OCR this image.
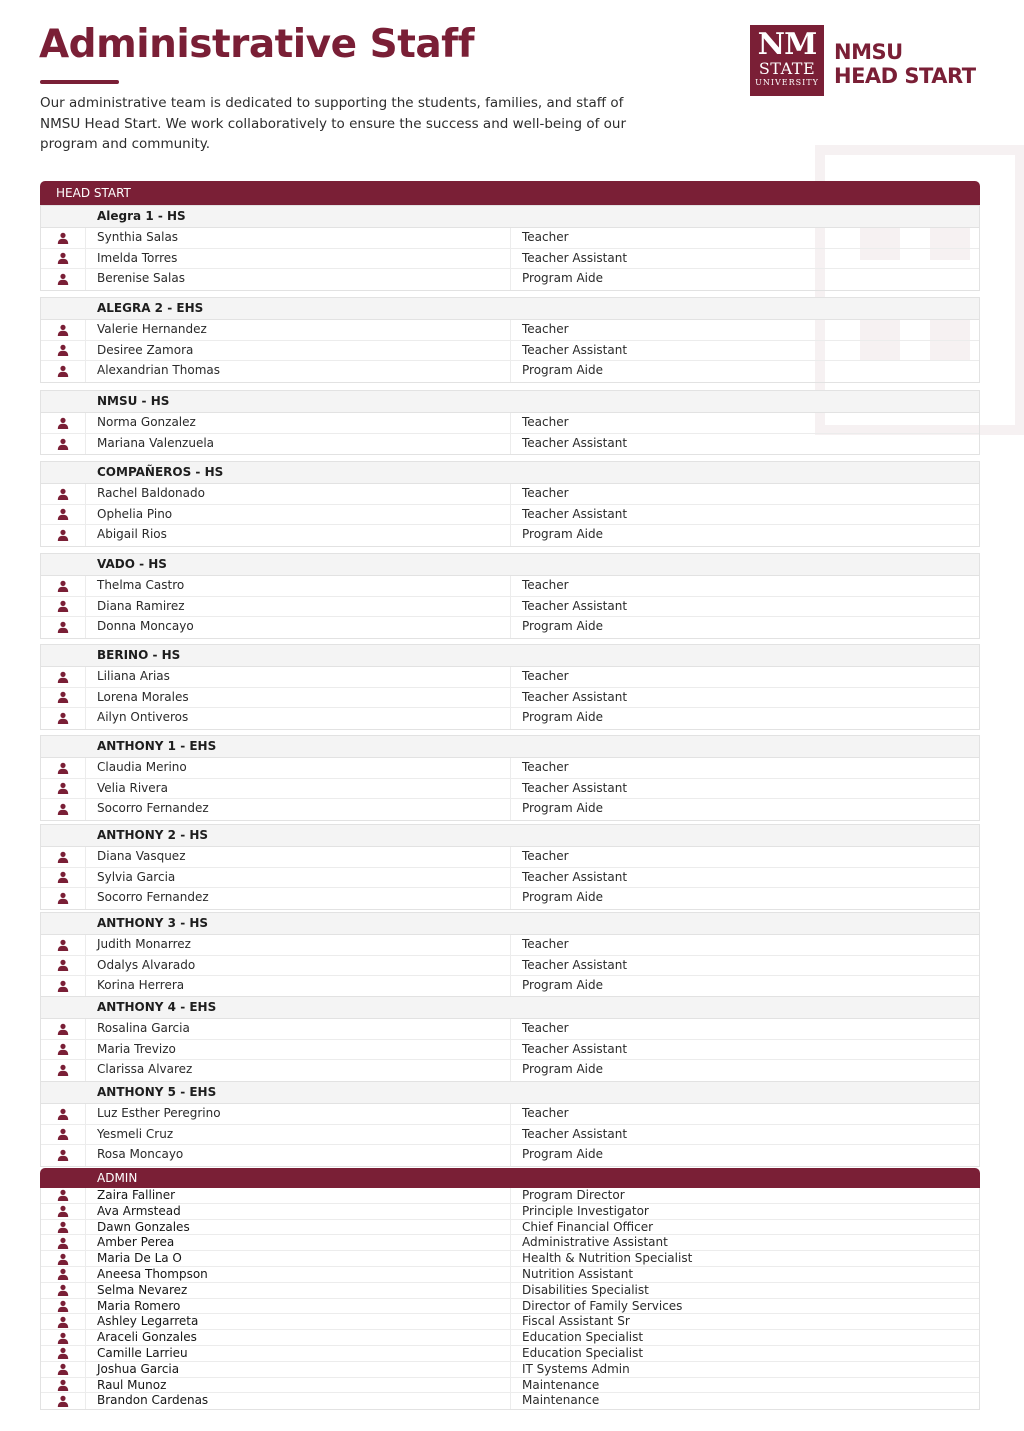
Administrative Staff

Our administrative team is dedicated to supporting the students, families, and staff of NMSU Head Start. We work collaboratively to ensure the success and well-being of our program and community.

NM
STATE
UNIVERSITY
NMSU
HEAD START
HEAD START
Alegra 1 - HS
Synthia Salas	Teacher
Imelda Torres	Teacher Assistant
Berenise Salas	Program Aide
ALEGRA 2 - EHS
Valerie Hernandez	Teacher
Desiree Zamora	Teacher Assistant
Alexandrian Thomas	Program Aide
NMSU - HS
Norma Gonzalez	Teacher
Mariana Valenzuela	Teacher Assistant
COMPAÑEROS - HS
Rachel Baldonado	Teacher
Ophelia Pino	Teacher Assistant
Abigail Rios	Program Aide
VADO - HS
Thelma Castro	Teacher
Diana Ramirez	Teacher Assistant
Donna Moncayo	Program Aide
BERINO - HS
Liliana Arias	Teacher
Lorena Morales	Teacher Assistant
Ailyn Ontiveros	Program Aide
ANTHONY 1 - EHS
Claudia Merino	Teacher
Velia Rivera	Teacher Assistant
Socorro Fernandez	Program Aide
ANTHONY 2 - HS
Diana Vasquez	Teacher
Sylvia Garcia	Teacher Assistant
Socorro Fernandez	Program Aide
ANTHONY 3 - HS
Judith Monarrez	Teacher
Odalys Alvarado	Teacher Assistant
Korina Herrera	Program Aide
ANTHONY 4 - EHS
Rosalina Garcia	Teacher
Maria Trevizo	Teacher Assistant
Clarissa Alvarez	Program Aide
ANTHONY 5 - EHS
Luz Esther Peregrino	Teacher
Yesmeli Cruz	Teacher Assistant
Rosa Moncayo	Program Aide
ADMIN
Zaira Falliner	Program Director
Ava Armstead	Principle Investigator
Dawn Gonzales	Chief Financial Officer
Amber Perea	Administrative Assistant
Maria De La O	Health & Nutrition Specialist
Aneesa Thompson	Nutrition Assistant
Selma Nevarez	Disabilities Specialist
Maria Romero	Director of Family Services
Ashley Legarreta	Fiscal Assistant Sr
Araceli Gonzales	Education Specialist
Camille Larrieu	Education Specialist
Joshua Garcia	IT Systems Admin
Raul Munoz	Maintenance
Brandon Cardenas	Maintenance
